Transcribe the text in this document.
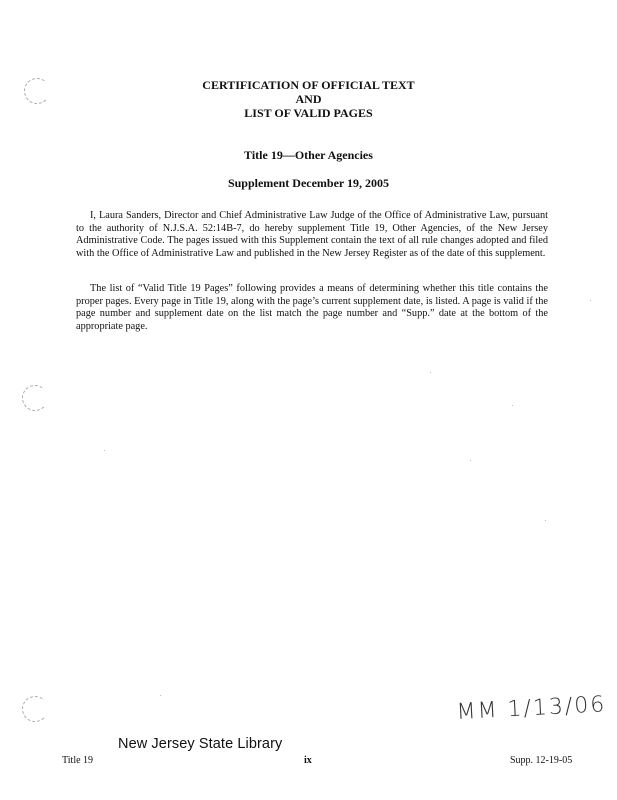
CERTIFICATION OF OFFICIAL TEXT
AND
LIST OF VALID PAGES
Title 19—Other Agencies
Supplement December 19, 2005

I, Laura Sanders, Director and Chief Administrative Law Judge of the Office of Administrative Law, pursuant to the authority of N.J.S.A. 52:14B-7, do hereby supplement Title 19, Other Agencies, of the New Jersey Administrative Code. The pages issued with this Supplement contain the text of all rule changes adopted and filed with the Office of Administrative Law and published in the New Jersey Register as of the date of this supplement.

The list of “Valid Title 19 Pages” following provides a means of determining whether this title contains the proper pages. Every page in Title 19, along with the page’s current supplement date, is listed. A page is valid if the page number and supplement date on the list match the page number and “Supp.” date at the bottom of the appropriate page.

MM 1/13/06
New Jersey State Library
Title 19	ix	Supp. 12-19-05
